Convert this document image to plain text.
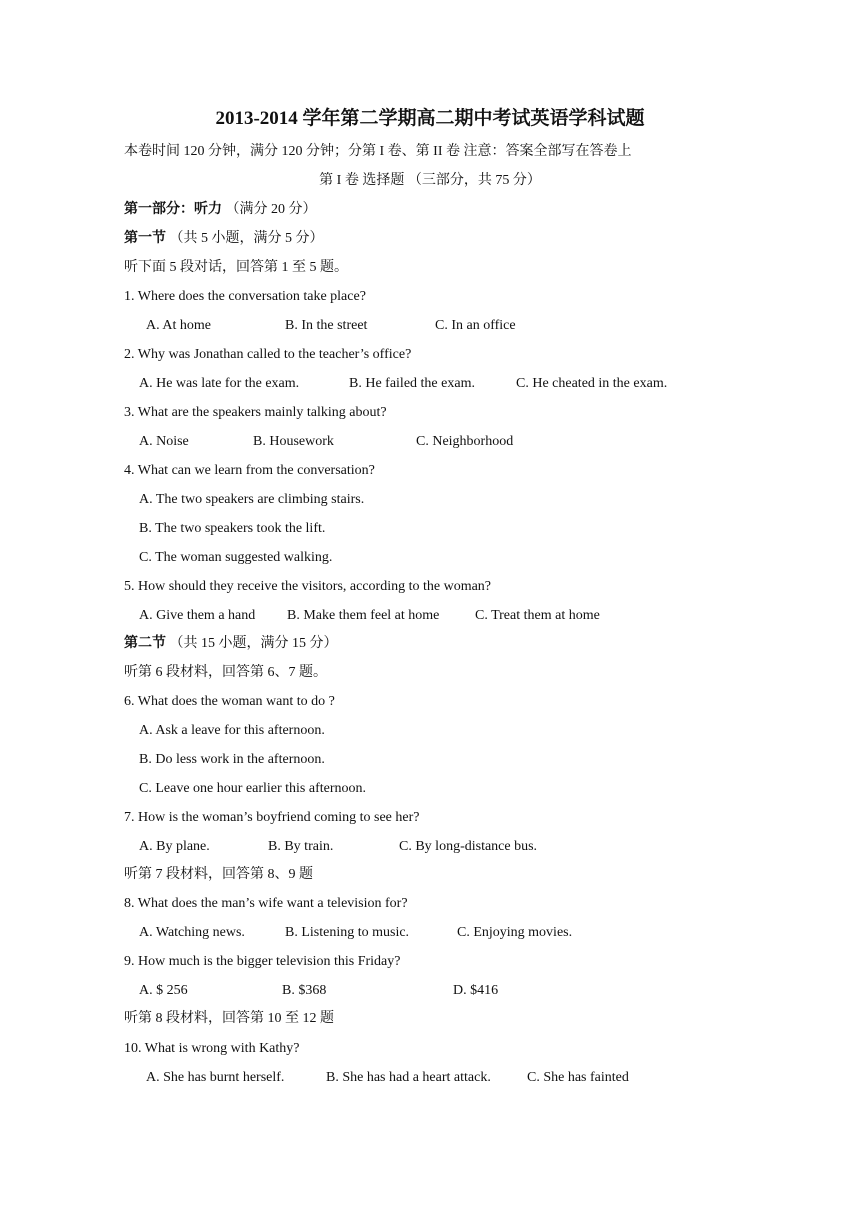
2013-2014 学年第二学期高二期中考试英语学科试题
本卷时间 120 分钟，满分 120 分钟；分第 I 卷、第 II 卷 注意：答案全部写在答卷上
第 I 卷 选择题 （三部分，共 75 分）
第一部分：听力 （满分 20 分）
第一节 （共 5 小题，满分 5 分）
听下面 5 段对话，回答第 1 至 5 题。
1. Where does the conversation take place?
A. At home	B. In the street	C. In an office
2. Why was Jonathan called to the teacher’s office?
A. He was late for the exam.	B. He failed the exam.	C. He cheated in the exam.
3. What are the speakers mainly talking about?
A. Noise	B. Housework	C. Neighborhood
4. What can we learn from the conversation?
A. The two speakers are climbing stairs.
B. The two speakers took the lift.
C. The woman suggested walking.
5. How should they receive the visitors, according to the woman?
A. Give them a hand B. Make them feel at home	C. Treat them at home
第二节 （共 15 小题，满分 15 分）
听第 6 段材料，回答第 6、7 题。
6. What does the woman want to do ?
A. Ask a leave for this afternoon.
B. Do less work in the afternoon.
C. Leave one hour earlier this afternoon.
7. How is the woman’s boyfriend coming to see her?
A. By plane.	B. By train.	C. By long-distance bus.
听第 7 段材料，回答第 8、9 题
8. What does the man’s wife want a television for?
A. Watching news.	B. Listening to music.	C. Enjoying movies.
9. How much is the bigger television this Friday?
A. $ 256	B. $368	D. $416
听第 8 段材料，回答第 10 至 12 题
10. What is wrong with Kathy?
A. She has burnt herself.	B. She has had a heart attack.	C. She has fainted
